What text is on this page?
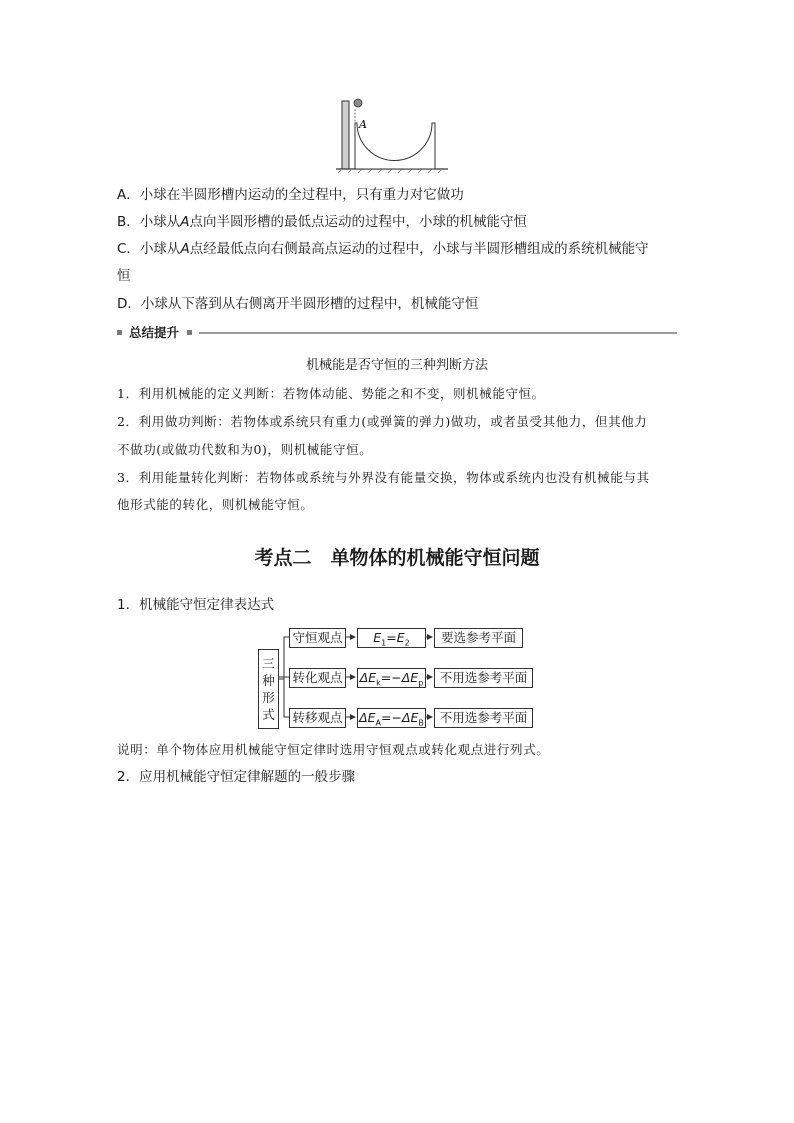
A
A．小球在半圆形槽内运动的全过程中，只有重力对它做功
B．小球从A点向半圆形槽的最低点运动的过程中，小球的机械能守恒
C．小球从A点经最低点向右侧最高点运动的过程中，小球与半圆形槽组成的系统机械能守
恒
D．小球从下落到从右侧离开半圆形槽的过程中，机械能守恒
总结提升
机械能是否守恒的三种判断方法
1．利用机械能的定义判断：若物体动能、势能之和不变，则机械能守恒。
2．利用做功判断：若物体或系统只有重力(或弹簧的弹力)做功，或者虽受其他力，但其他力
不做功(或做功代数和为0)，则机械能守恒。
3．利用能量转化判断：若物体或系统与外界没有能量交换，物体或系统内也没有机械能与其
他形式能的转化，则机械能守恒。
考点二　单物体的机械能守恒问题
1．机械能守恒定律表达式
三
种
形
式
守恒观点	$E_1=E_2$	要选参考平面
转化观点 $\Delta E_k=-\Delta E_p$	不用选参考平面
转移观点 $\Delta E_A=-\Delta E_B$	不用选参考平面
说明：单个物体应用机械能守恒定律时选用守恒观点或转化观点进行列式。
2．应用机械能守恒定律解题的一般步骤
